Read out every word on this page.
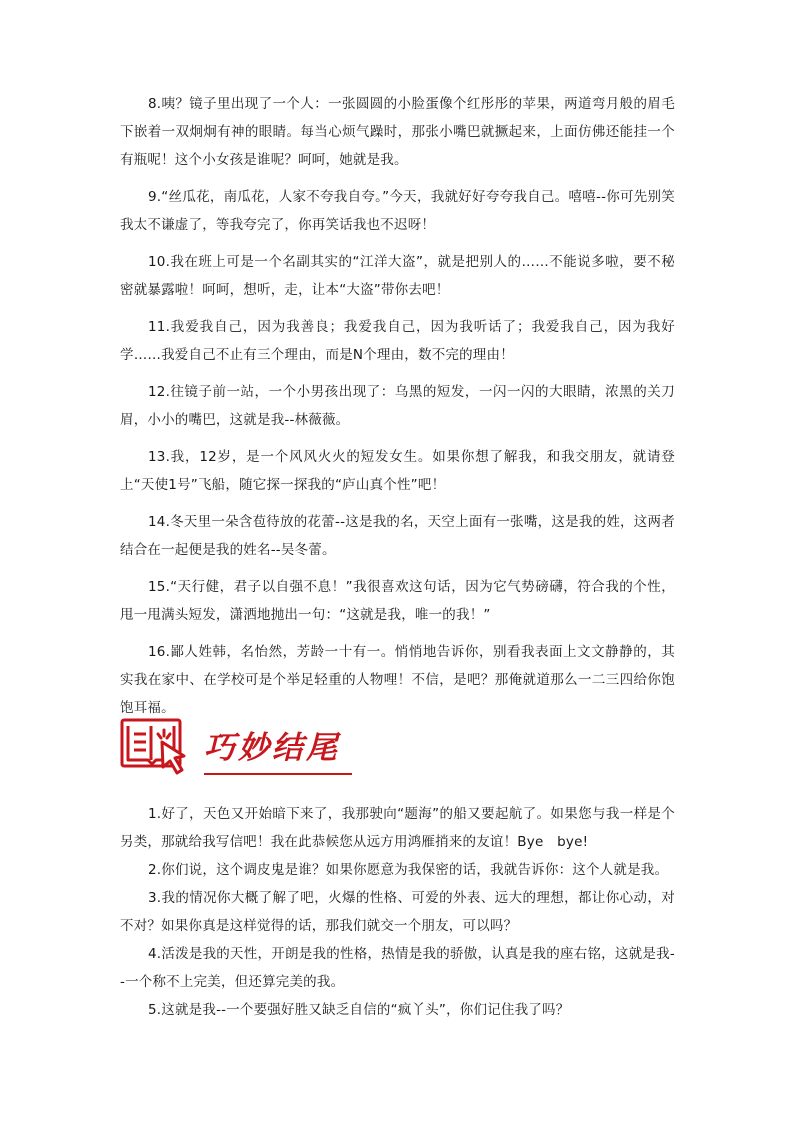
8.咦？镜子里出现了一个人：一张圆圆的小脸蛋像个红彤彤的苹果，两道弯月般的眉毛下嵌着一双炯炯有神的眼睛。每当心烦气躁时，那张小嘴巴就撅起来，上面仿佛还能挂一个有瓶呢！这个小女孩是谁呢？呵呵，她就是我。

9.“丝瓜花，南瓜花，人家不夸我自夸。”今天，我就好好夸夸我自己。嘻嘻--你可先别笑我太不谦虚了，等我夸完了，你再笑话我也不迟呀！

10.我在班上可是一个名副其实的“江洋大盗”，就是把别人的……不能说多啦，要不秘密就暴露啦！呵呵，想听，走，让本“大盗”带你去吧！

11.我爱我自己，因为我善良；我爱我自己，因为我听话了；我爱我自己，因为我好学……我爱自己不止有三个理由，而是N个理由，数不完的理由！

12.往镜子前一站，一个小男孩出现了：乌黑的短发，一闪一闪的大眼睛，浓黑的关刀眉，小小的嘴巴，这就是我--林薇薇。

13.我，12岁，是一个风风火火的短发女生。如果你想了解我，和我交朋友，就请登上“天使1号”飞船，随它探一探我的“庐山真个性”吧！

14.冬天里一朵含苞待放的花蕾--这是我的名，天空上面有一张嘴，这是我的姓，这两者结合在一起便是我的姓名--吴冬蕾。

15.“天行健，君子以自强不息！”我很喜欢这句话，因为它气势磅礴，符合我的个性，甩一甩满头短发，潇洒地抛出一句：“这就是我，唯一的我！”

16.鄙人姓韩，名怡然，芳龄一十有一。悄悄地告诉你，别看我表面上文文静静的，其实我在家中、在学校可是个举足轻重的人物哩！不信，是吧？那俺就道那么一二三四给你饱饱耳福。

巧妙结尾

1.好了，天色又开始暗下来了，我那驶向“题海”的船又要起航了。如果您与我一样是个另类，那就给我写信吧！我在此恭候您从远方用鸿雁捎来的友谊！Bye　bye!

2.你们说，这个调皮鬼是谁？如果你愿意为我保密的话，我就告诉你：这个人就是我。

3.我的情况你大概了解了吧，火爆的性格、可爱的外表、远大的理想，都让你心动，对不对？如果你真是这样觉得的话，那我们就交一个朋友，可以吗？

4.活泼是我的天性，开朗是我的性格，热情是我的骄傲，认真是我的座右铭，这就是我--一个称不上完美，但还算完美的我。

5.这就是我--一个要强好胜又缺乏自信的“疯丫头”，你们记住我了吗？
